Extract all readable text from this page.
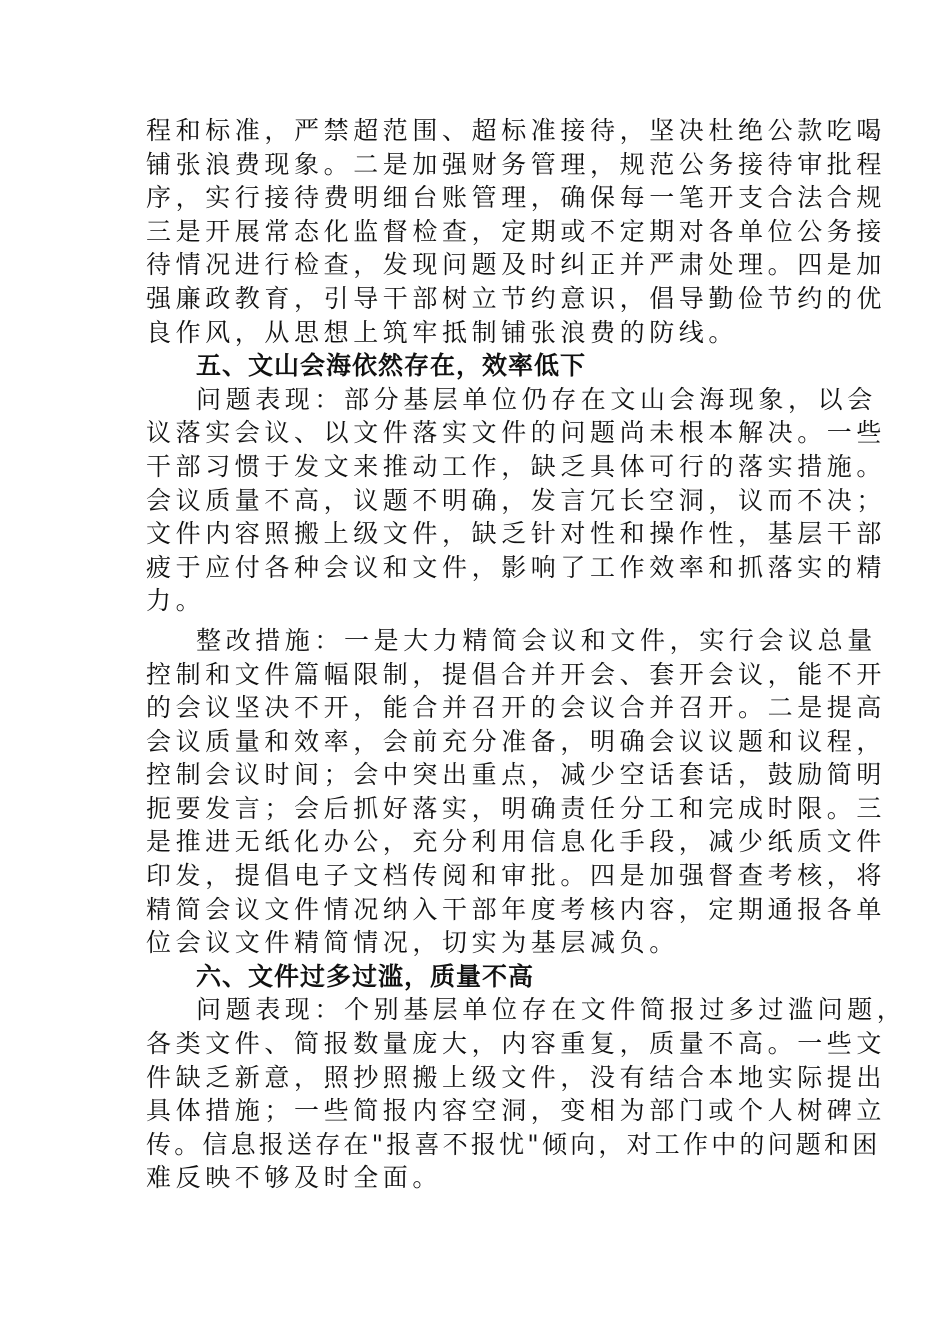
程和标准，严禁超范围、超标准接待，坚决杜绝公款吃喝
铺张浪费现象。二是加强财务管理，规范公务接待审批程
序，实行接待费明细台账管理，确保每一笔开支合法合规
三是开展常态化监督检查，定期或不定期对各单位公务接
待情况进行检查，发现问题及时纠正并严肃处理。四是加
强廉政教育，引导干部树立节约意识，倡导勤俭节约的优
良作风，从思想上筑牢抵制铺张浪费的防线。
五、文山会海依然存在，效率低下
问题表现：部分基层单位仍存在文山会海现象，以会
议落实会议、以文件落实文件的问题尚未根本解决。一些
干部习惯于发文来推动工作，缺乏具体可行的落实措施。
会议质量不高，议题不明确，发言冗长空洞，议而不决；
文件内容照搬上级文件，缺乏针对性和操作性，基层干部
疲于应付各种会议和文件，影响了工作效率和抓落实的精
力。
整改措施：一是大力精简会议和文件，实行会议总量
控制和文件篇幅限制，提倡合并开会、套开会议，能不开
的会议坚决不开，能合并召开的会议合并召开。二是提高
会议质量和效率，会前充分准备，明确会议议题和议程，
控制会议时间；会中突出重点，减少空话套话，鼓励简明
扼要发言；会后抓好落实，明确责任分工和完成时限。三
是推进无纸化办公，充分利用信息化手段，减少纸质文件
印发，提倡电子文档传阅和审批。四是加强督查考核，将
精简会议文件情况纳入干部年度考核内容，定期通报各单
位会议文件精简情况，切实为基层减负。
六、文件过多过滥，质量不高
问题表现：个别基层单位存在文件简报过多过滥问题，
各类文件、简报数量庞大，内容重复，质量不高。一些文
件缺乏新意，照抄照搬上级文件，没有结合本地实际提出
具体措施；一些简报内容空洞，变相为部门或个人树碑立
传。信息报送存在"报喜不报忧"倾向，对工作中的问题和困
难反映不够及时全面。
